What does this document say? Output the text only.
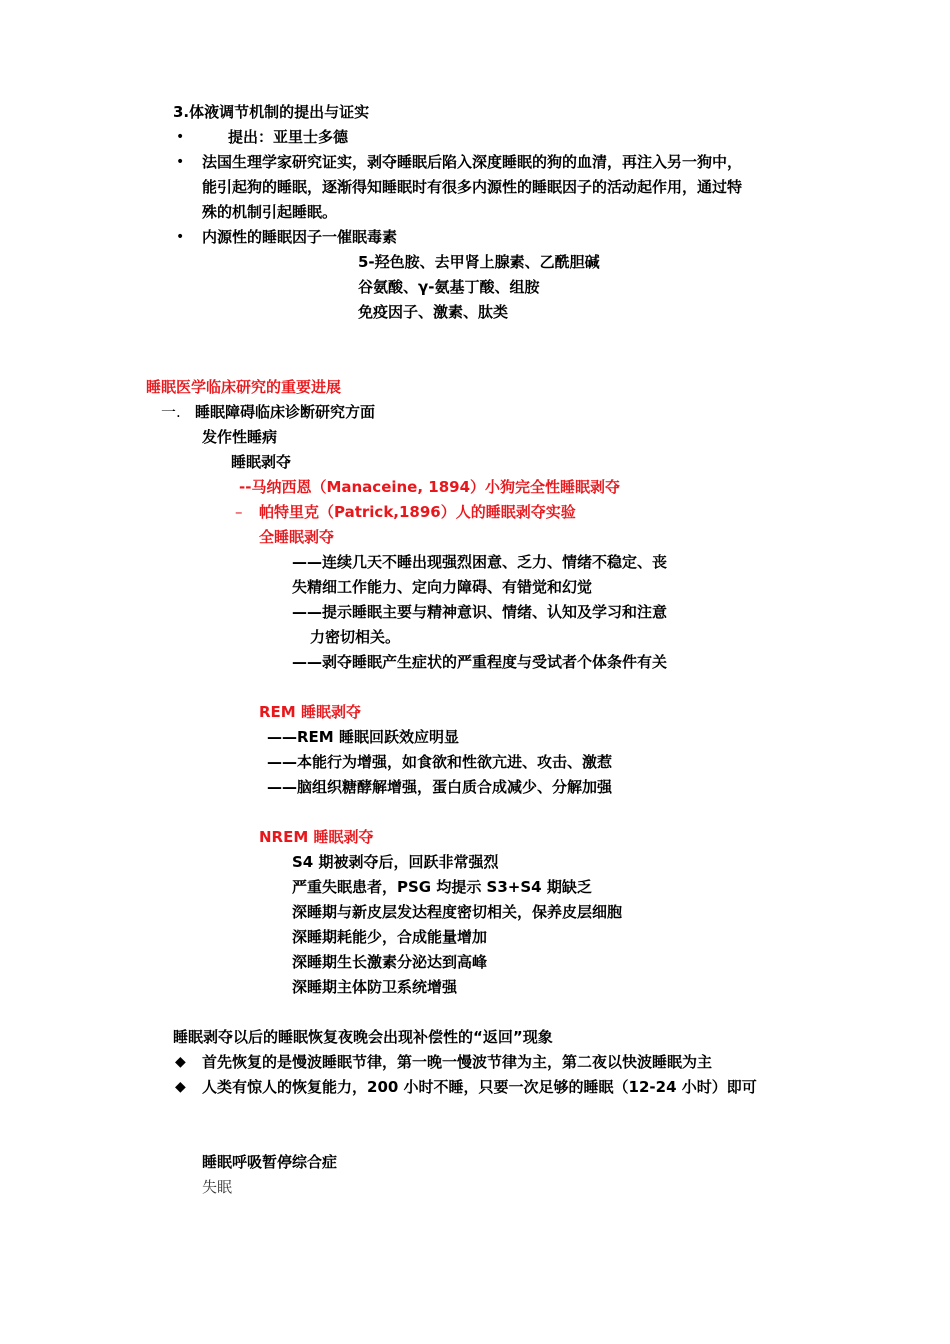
3.体液调节机制的提出与证实
•	提出：亚里士多德
• 法国生理学家研究证实，剥夺睡眠后陷入深度睡眠的狗的血清，再注入另一狗中，
能引起狗的睡眠，逐渐得知睡眠时有很多内源性的睡眠因子的活动起作用，通过特
殊的机制引起睡眠。
• 内源性的睡眠因子一催眠毒素
5-羟色胺、去甲肾上腺素、乙酰胆碱
谷氨酸、γ-氨基丁酸、组胺
免疫因子、激素、肽类
睡眠医学临床研究的重要进展
一. 睡眠障碍临床诊断研究方面
发作性睡病
睡眠剥夺
--马纳西恩（Manaceine, 1894）小狗完全性睡眠剥夺
– 帕特里克（Patrick,1896）人的睡眠剥夺实验
全睡眠剥夺
——连续几天不睡出现强烈困意、乏力、情绪不稳定、丧
失精细工作能力、定向力障碍、有错觉和幻觉
——提示睡眠主要与精神意识、情绪、认知及学习和注意
力密切相关。
——剥夺睡眠产生症状的严重程度与受试者个体条件有关
REM 睡眠剥夺
——REM 睡眠回跃效应明显
——本能行为增强，如食欲和性欲亢进、攻击、激惹
——脑组织糖酵解增强，蛋白质合成减少、分解加强
NREM 睡眠剥夺
S4 期被剥夺后，回跃非常强烈
严重失眠患者，PSG 均提示 S3+S4 期缺乏
深睡期与新皮层发达程度密切相关，保养皮层细胞
深睡期耗能少，合成能量增加
深睡期生长激素分泌达到高峰
深睡期主体防卫系统增强
睡眠剥夺以后的睡眠恢复夜晚会出现补偿性的“返回”现象
◆ 首先恢复的是慢波睡眠节律，第一晚一慢波节律为主，第二夜以快波睡眠为主
◆ 人类有惊人的恢复能力，200 小时不睡，只要一次足够的睡眠（12-24 小时）即可
睡眠呼吸暂停综合症
失眠
